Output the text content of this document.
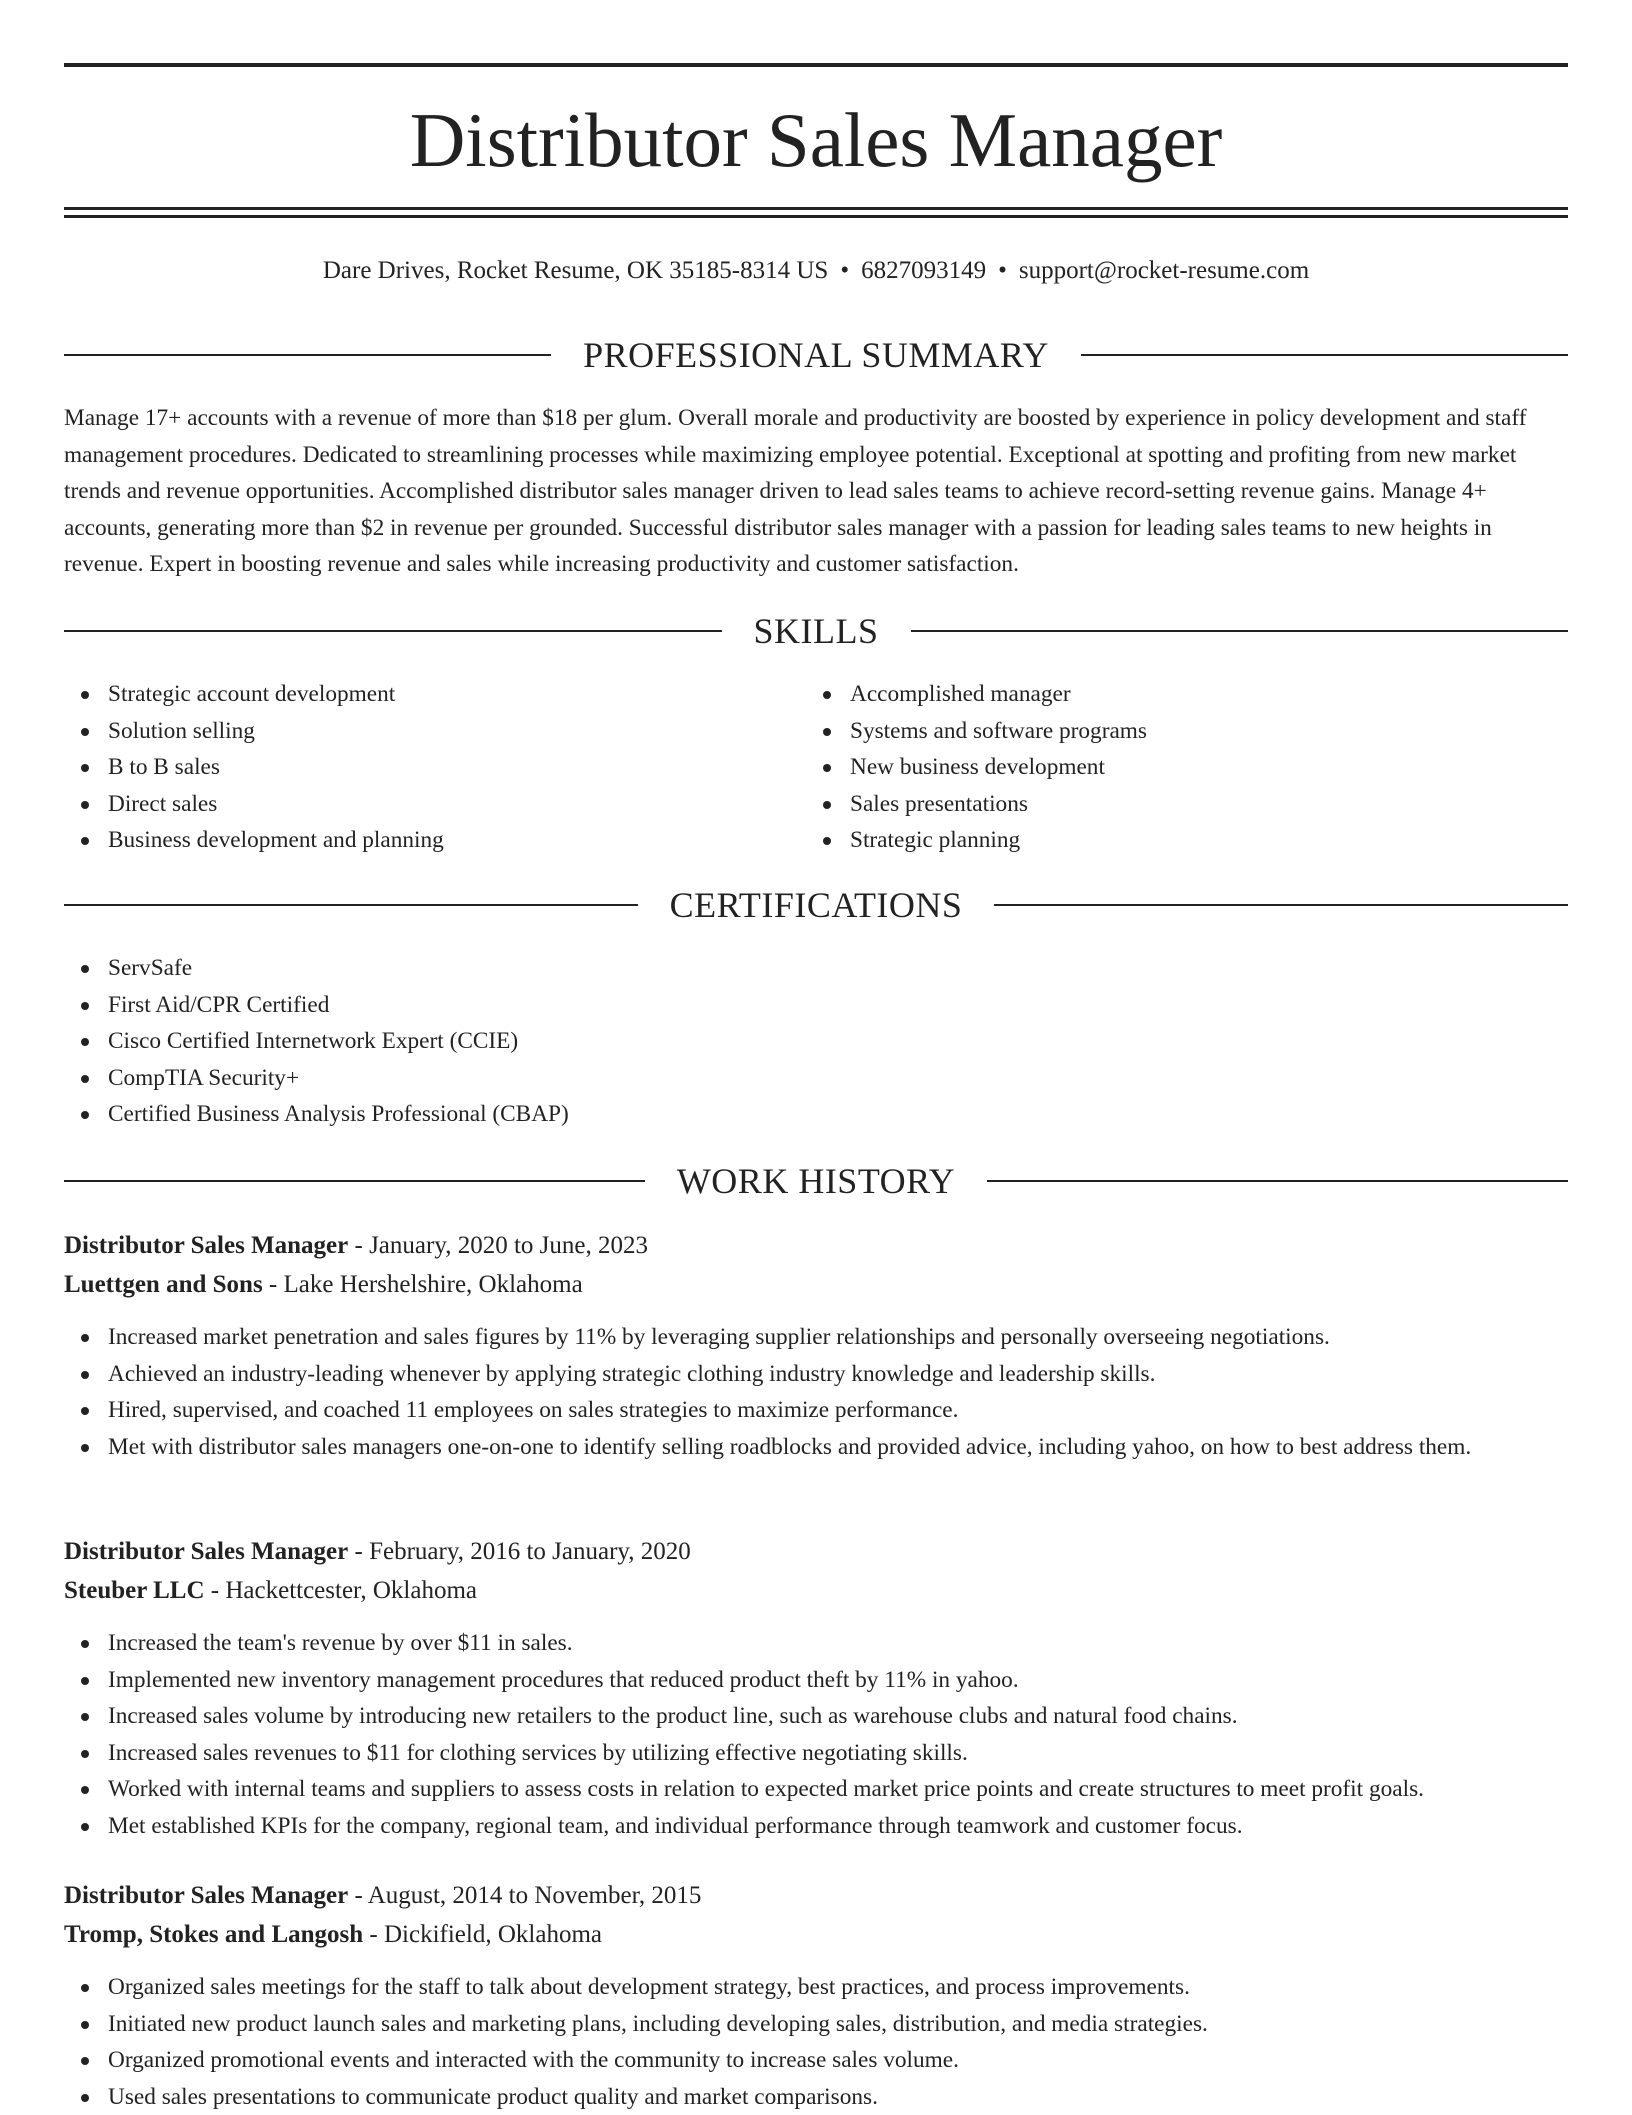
Distributor Sales Manager
Dare Drives, Rocket Resume, OK 35185-8314 US • 6827093149 • support@rocket-resume.com
PROFESSIONAL SUMMARY

Manage 17+ accounts with a revenue of more than $18 per glum. Overall morale and productivity are boosted by experience in policy development and staff management procedures. Dedicated to streamlining processes while maximizing employee potential. Exceptional at spotting and profiting from new market trends and revenue opportunities. Accomplished distributor sales manager driven to lead sales teams to achieve record-setting revenue gains. Manage 4+ accounts, generating more than $2 in revenue per grounded. Successful distributor sales manager with a passion for leading sales teams to new heights in revenue. Expert in boosting revenue and sales while increasing productivity and customer satisfaction.

SKILLS
Strategic account development
Solution selling
B to B sales
Direct sales
Business development and planning
Accomplished manager
Systems and software programs
New business development
Sales presentations
Strategic planning
CERTIFICATIONS
ServSafe
First Aid/CPR Certified
Cisco Certified Internetwork Expert (CCIE)
CompTIA Security+
Certified Business Analysis Professional (CBAP)
WORK HISTORY
Distributor Sales Manager - January, 2020 to June, 2023
Luettgen and Sons - Lake Hershelshire, Oklahoma
Increased market penetration and sales figures by 11% by leveraging supplier relationships and personally overseeing negotiations.
Achieved an industry-leading whenever by applying strategic clothing industry knowledge and leadership skills.
Hired, supervised, and coached 11 employees on sales strategies to maximize performance.
Met with distributor sales managers one-on-one to identify selling roadblocks and provided advice, including yahoo, on how to best address them.
Distributor Sales Manager - February, 2016 to January, 2020
Steuber LLC - Hackettcester, Oklahoma
Increased the team's revenue by over $11 in sales.
Implemented new inventory management procedures that reduced product theft by 11% in yahoo.
Increased sales volume by introducing new retailers to the product line, such as warehouse clubs and natural food chains.
Increased sales revenues to $11 for clothing services by utilizing effective negotiating skills.
Worked with internal teams and suppliers to assess costs in relation to expected market price points and create structures to meet profit goals.
Met established KPIs for the company, regional team, and individual performance through teamwork and customer focus.
Distributor Sales Manager - August, 2014 to November, 2015
Tromp, Stokes and Langosh - Dickifield, Oklahoma
Organized sales meetings for the staff to talk about development strategy, best practices, and process improvements.
Initiated new product launch sales and marketing plans, including developing sales, distribution, and media strategies.
Organized promotional events and interacted with the community to increase sales volume.
Used sales presentations to communicate product quality and market comparisons.
